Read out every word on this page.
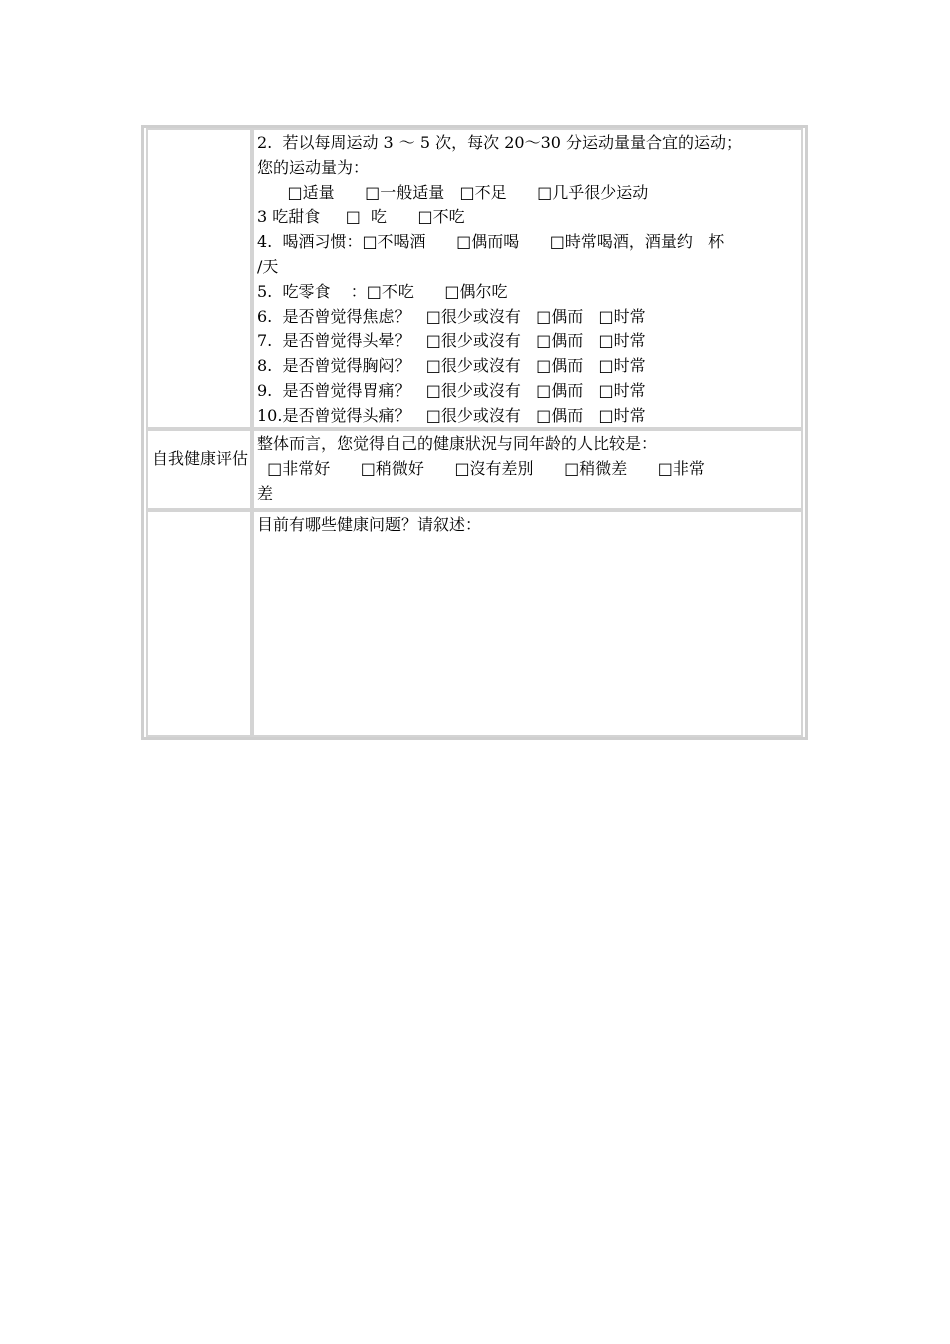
2.  若以每周运动 3 ～ 5 次，每次 20～30 分运动量量合宜的运动；
您的运动量为：
□适量      □一般适量   □不足      □几乎很少运动
3 吃甜食     □  吃      □不吃
4.  喝酒习惯：□不喝酒      □偶而喝      □時常喝酒，酒量约   杯
/天
5.  吃零食    ：□不吃      □偶尔吃
6.  是否曾觉得焦虑？   □很少或沒有   □偶而   □时常
7.  是否曾觉得头晕？   □很少或沒有   □偶而   □时常
8.  是否曾觉得胸闷？   □很少或沒有   □偶而   □时常
9.  是否曾觉得胃痛？   □很少或沒有   □偶而   □时常
10.是否曾觉得头痛？   □很少或沒有   □偶而   □时常
自我健康评估
整体而言，您觉得自己的健康狀況与同年龄的人比较是：
□非常好      □稍微好      □沒有差別      □稍微差      □非常
差
目前有哪些健康问题？请叙述：
